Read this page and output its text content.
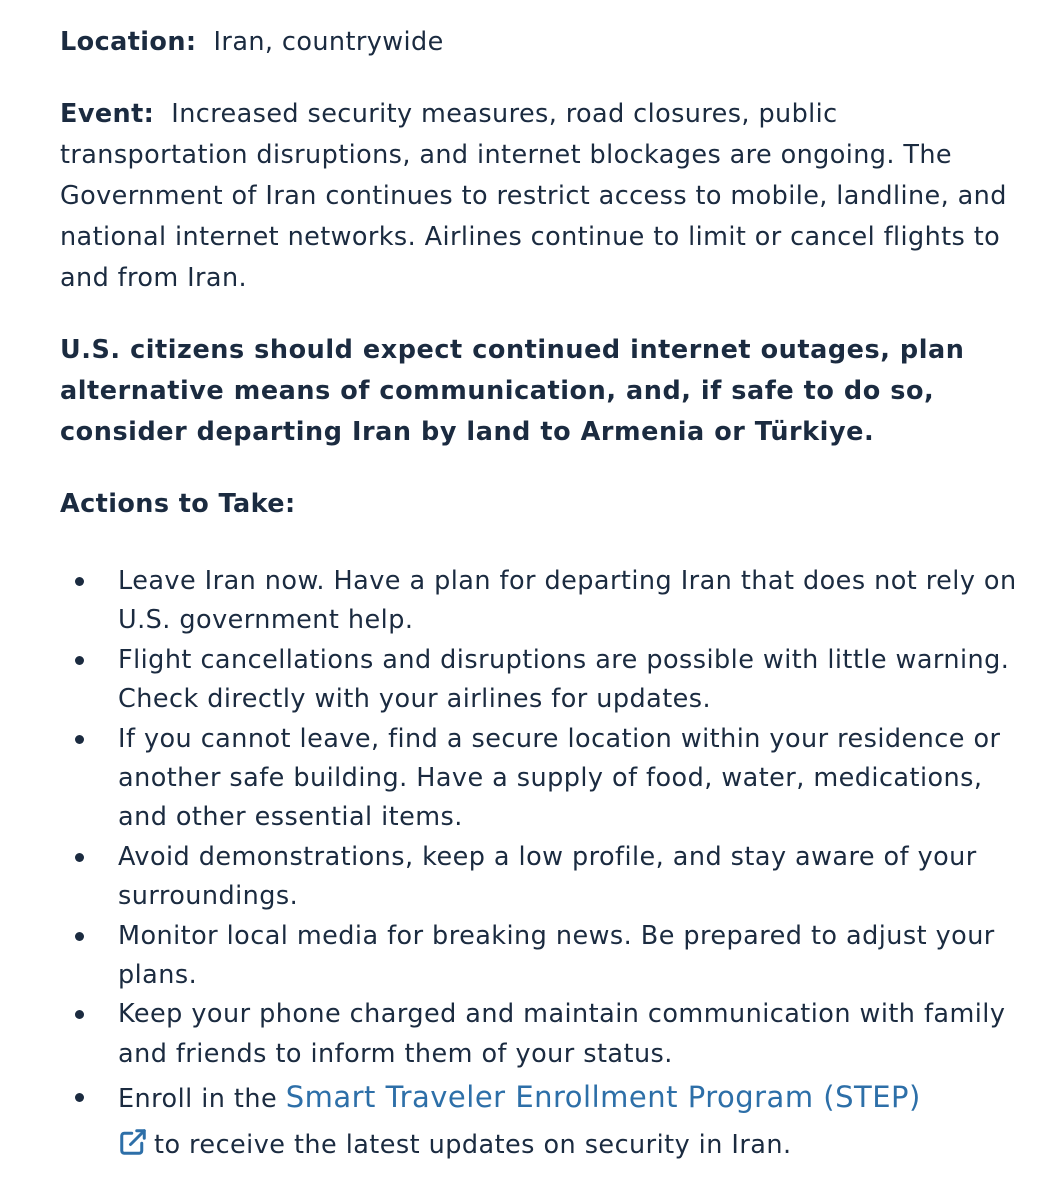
Location: Iran, countrywide

Event: Increased security measures, road closures, public transportation disruptions, and internet blockages are ongoing. The Government of Iran continues to restrict access to mobile, landline, and national internet networks. Airlines continue to limit or cancel flights to and from Iran.

U.S. citizens should expect continued internet outages, plan alternative means of communication, and, if safe to do so, consider departing Iran by land to Armenia or Türkiye.

Actions to Take:

Leave Iran now. Have a plan for departing Iran that does not rely on U.S. government help.
Flight cancellations and disruptions are possible with little warning. Check directly with your airlines for updates.
If you cannot leave, find a secure location within your residence or another safe building. Have a supply of food, water, medications, and other essential items.
Avoid demonstrations, keep a low profile, and stay aware of your surroundings.
Monitor local media for breaking news. Be prepared to adjust your plans.
Keep your phone charged and maintain communication with family and friends to inform them of your status.
Enroll in the Smart Traveler Enrollment Program (STEP)
to receive the latest updates on security in Iran.
